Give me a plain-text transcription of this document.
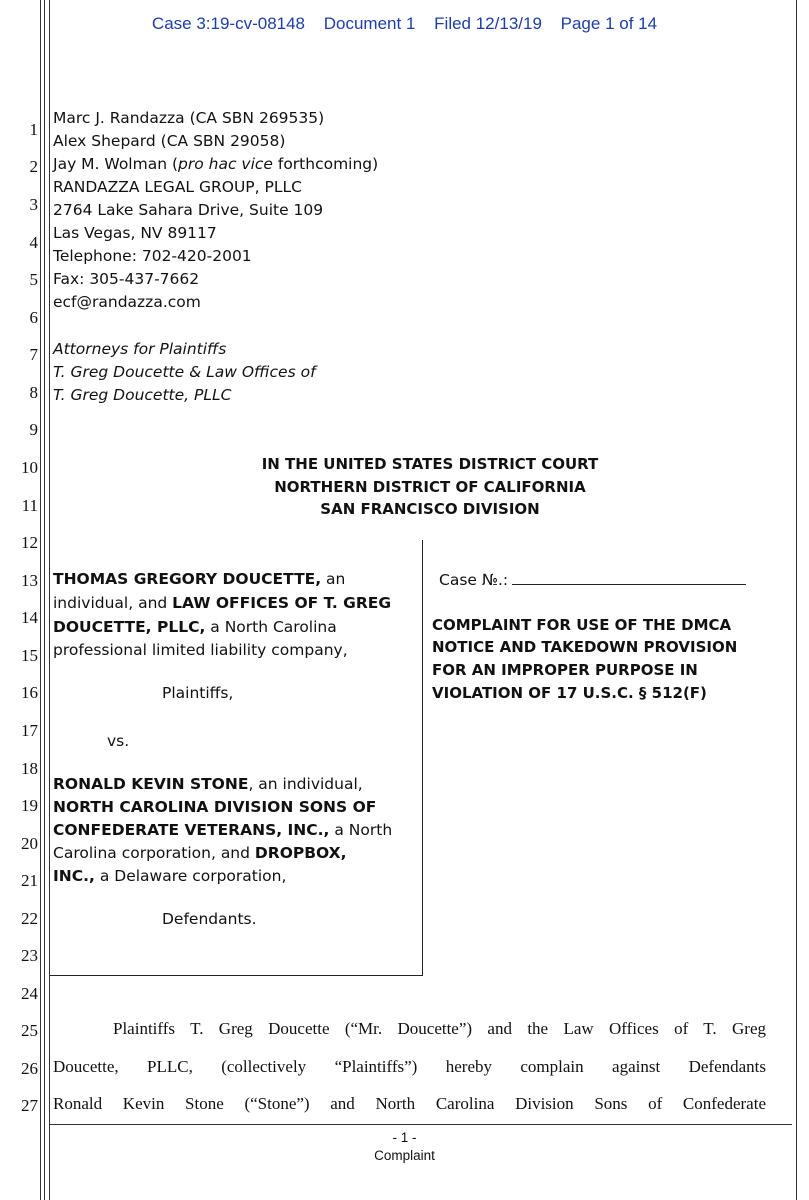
Case 3:19-cv-08148 Document 1 Filed 12/13/19 Page 1 of 14
1
2
3
4
5
6
7
8
9
10
11
12
13
14
15
16
17
18
19
20
21
22
23
24
25
26
27
Marc J. Randazza (CA SBN 269535)
Alex Shepard (CA SBN 29058)
Jay M. Wolman (pro hac vice forthcoming)
RANDAZZA LEGAL GROUP, PLLC
2764 Lake Sahara Drive, Suite 109
Las Vegas, NV 89117
Telephone: 702-420-2001
Fax: 305-437-7662
ecf@randazza.com
Attorneys for Plaintiffs
T. Greg Doucette & Law Offices of
T. Greg Doucette, PLLC
IN THE UNITED STATES DISTRICT COURT
NORTHERN DISTRICT OF CALIFORNIA
SAN FRANCISCO DIVISION
THOMAS GREGORY DOUCETTE, an
individual, and LAW OFFICES OF T. GREG
DOUCETTE, PLLC, a North Carolina
professional limited liability company,
Plaintiffs,
vs.
RONALD KEVIN STONE, an individual,
NORTH CAROLINA DIVISION SONS OF
CONFEDERATE VETERANS, INC., a North
Carolina corporation, and DROPBOX,
INC., a Delaware corporation,
Defendants.
Case №.:
COMPLAINT FOR USE OF THE DMCA
NOTICE AND TAKEDOWN PROVISION
FOR AN IMPROPER PURPOSE IN
VIOLATION OF 17 U.S.C. § 512(F)
Plaintiffs T. Greg Doucette (“Mr. Doucette”) and the Law Offices of T. Greg
Doucette, PLLC, (collectively “Plaintiffs”) hereby complain against Defendants
Ronald Kevin Stone (“Stone”) and North Carolina Division Sons of Confederate
- 1 -
Complaint
